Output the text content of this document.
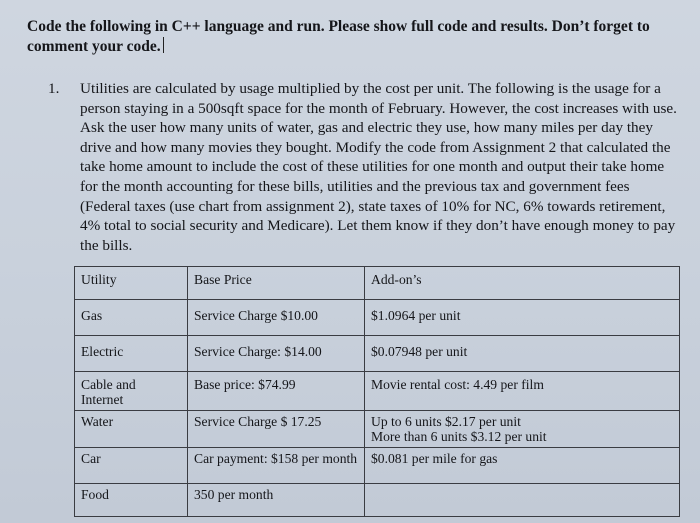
Code the following in C++ language and run. Please show full code and results. Don’t forget to comment your code.
1.	Utilities are calculated by usage multiplied by the cost per unit. The following is the usage for a person staying in a 500sqft space for the month of February. However, the cost increases with use. Ask the user how many units of water, gas and electric they use, how many miles per day they drive and how many movies they bought. Modify the code from Assignment 2 that calculated the take home amount to include the cost of these utilities for one month and output their take home for the month accounting for these bills, utilities and the previous tax and government fees (Federal taxes (use chart from assignment 2), state taxes of 10% for NC, 6% towards retirement, 4% total to social security and Medicare). Let them know if they don’t have enough money to pay the bills.
Utility	Base Price	Add-on’s
Gas	Service Charge $10.00	$1.0964 per unit

Electric	Service Charge: $14.00	$0.07948 per unit

Cable and Internet	Base price: $74.99	Movie rental cost: 4.49 per film

Water	Service Charge $ 17.25	Up to 6 units $2.17 per unit
More than 6 units $3.12 per unit

Car	Car payment: $158 per month	$0.081 per mile for gas

Food	350 per month	
